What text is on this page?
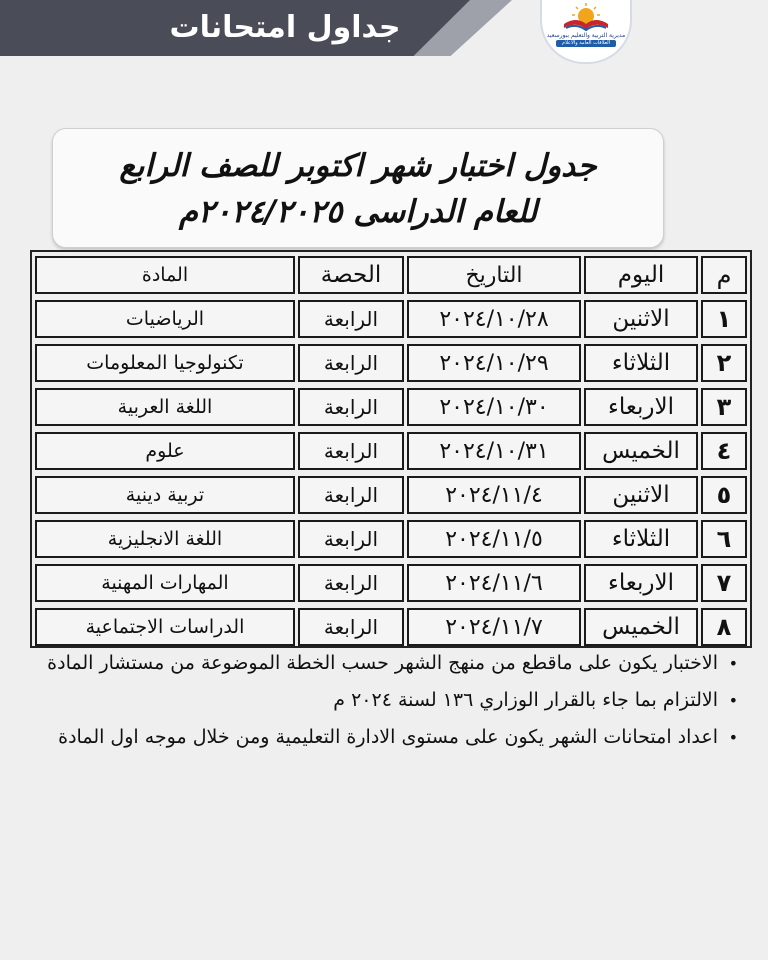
جداول امتحانات	مديرية التربية والتعليم ببورسعيد
العلاقات العامة والاعلام
جدول اختبار شهر اكتوبر للصف الرابع
للعام الدراسى ٢٠٢٤/٢٠٢٥م
م	اليوم	التاريخ	الحصة	المادة
١	الاثنين	٢٠٢٤/١٠/٢٨	الرابعة	الرياضيات
٢	الثلاثاء	٢٠٢٤/١٠/٢٩	الرابعة	تكنولوجيا المعلومات
٣	الاربعاء	٢٠٢٤/١٠/٣٠	الرابعة	اللغة العربية
٤	الخميس	٢٠٢٤/١٠/٣١	الرابعة	علوم
٥	الاثنين	٢٠٢٤/١١/٤	الرابعة	تربية دينية
٦	الثلاثاء	٢٠٢٤/١١/٥	الرابعة	اللغة الانجليزية
٧	الاربعاء	٢٠٢٤/١١/٦	الرابعة	المهارات المهنية
٨	الخميس	٢٠٢٤/١١/٧	الرابعة	الدراسات الاجتماعية
•
الاختبار يكون على ماقطع من منهج الشهر حسب الخطة الموضوعة من مستشار المادة
•
الالتزام بما جاء بالقرار الوزاري ١٣٦ لسنة ٢٠٢٤ م
•
اعداد امتحانات الشهر يكون على مستوى الادارة التعليمية ومن خلال موجه اول المادة
